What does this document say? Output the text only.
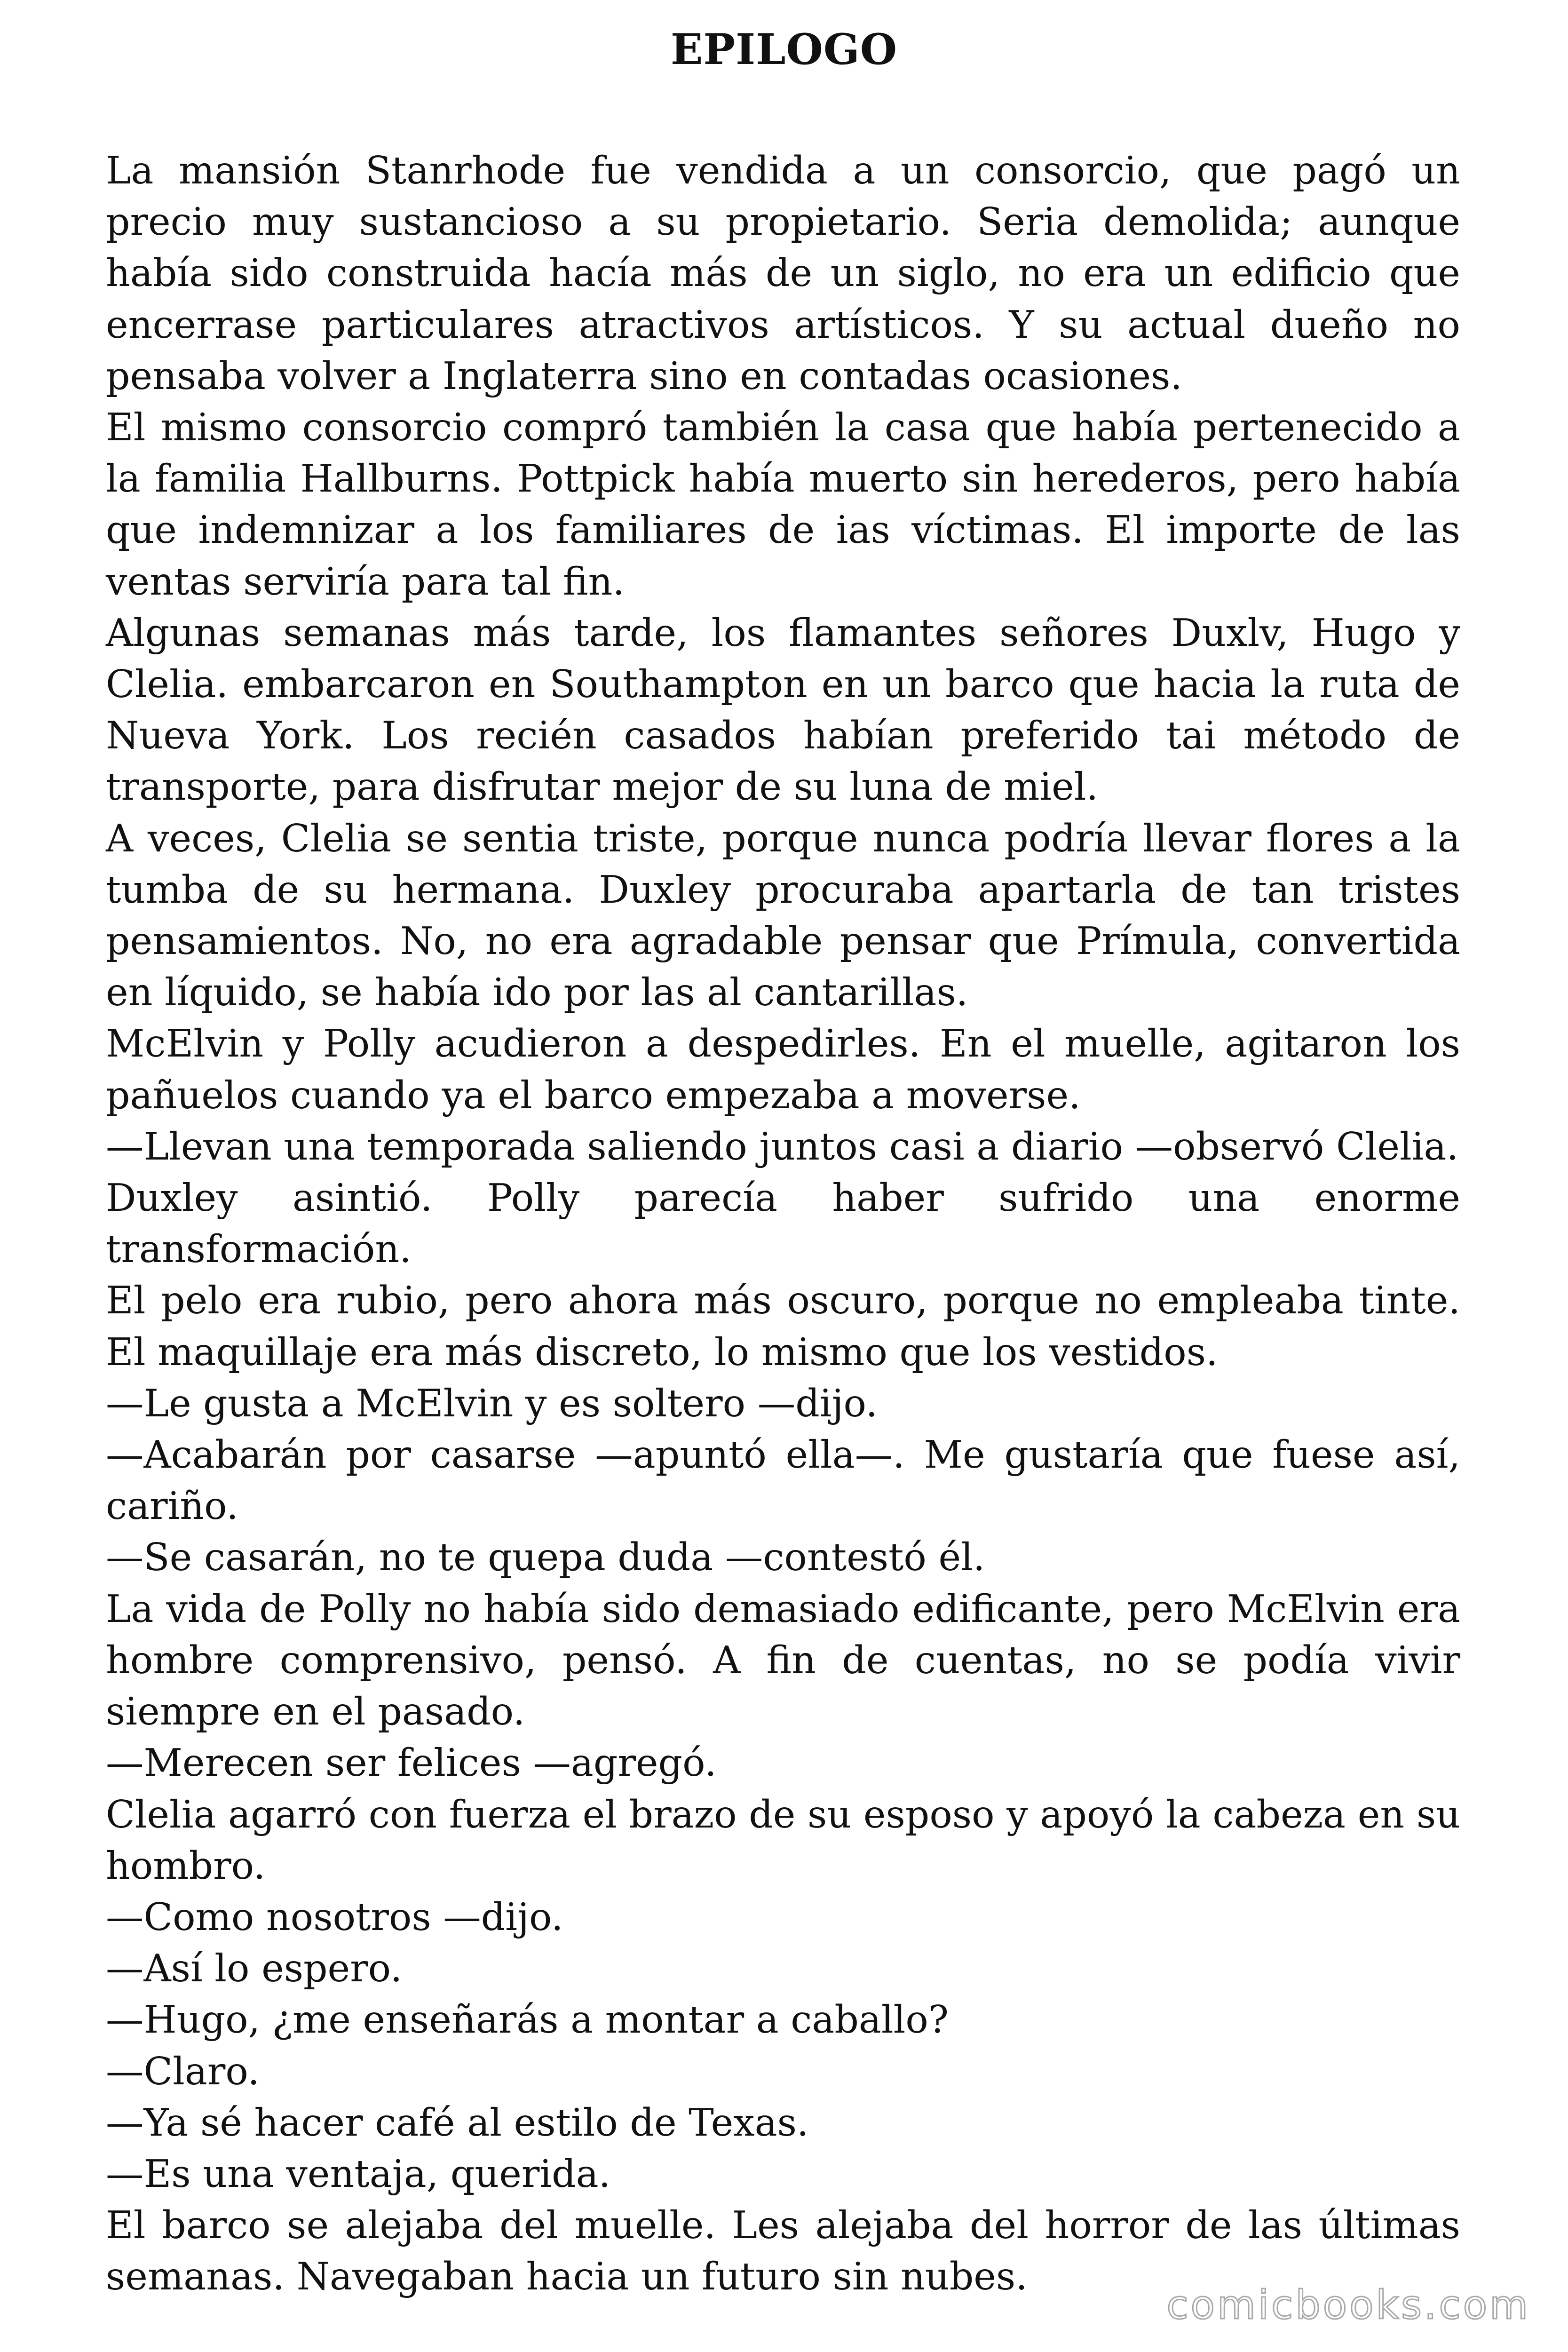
EPILOGO

La mansión Stanrhode fue vendida a un consorcio, que pagó un precio muy sustancioso a su propietario. Seria demolida; aunque había sido construida hacía más de un siglo, no era un edificio que encerrase particulares atractivos artísticos. Y su actual dueño no pensaba volver a Inglaterra sino en contadas ocasiones.

El mismo consorcio compró también la casa que había pertenecido a la familia Hallburns. Pottpick había muerto sin herederos, pero había que indemnizar a los familiares de ias víctimas. El importe de las ventas serviría para tal fin.

Algunas semanas más tarde, los flamantes señores Duxlv, Hugo y Clelia. embarcaron en Southampton en un barco que hacia la ruta de Nueva York. Los recién casados habían preferido tai método de transporte, para disfrutar mejor de su luna de miel.

A veces, Clelia se sentia triste, porque nunca podría llevar flores a la tumba de su hermana. Duxley procuraba apartarla de tan tristes pensamientos. No, no era agradable pensar que Prímula, convertida en líquido, se había ido por las al cantarillas.

McElvin y Polly acudieron a despedirles. En el muelle, agitaron los pañuelos cuando ya el barco empezaba a moverse.

—Llevan una temporada saliendo juntos casi a diario —observó Clelia.

Duxley asintió. Polly parecía haber sufrido una enorme transformación.

El pelo era rubio, pero ahora más oscuro, porque no empleaba tinte. El maquillaje era más discreto, lo mismo que los vestidos.

—Le gusta a McElvin y es soltero —dijo.

—Acabarán por casarse —apuntó ella—. Me gustaría que fuese así, cariño.

—Se casarán, no te quepa duda —contestó él.

La vida de Polly no había sido demasiado edificante, pero McElvin era hombre comprensivo, pensó. A fin de cuentas, no se podía vivir siempre en el pasado.

—Merecen ser felices —agregó.

Clelia agarró con fuerza el brazo de su esposo y apoyó la cabeza en su hombro.

—Como nosotros —dijo.

—Así lo espero.

—Hugo, ¿me enseñarás a montar a caballo?

—Claro.

—Ya sé hacer café al estilo de Texas.

—Es una ventaja, querida.

El barco se alejaba del muelle. Les alejaba del horror de las últimas semanas. Navegaban hacia un futuro sin nubes.

comicbooks.com
